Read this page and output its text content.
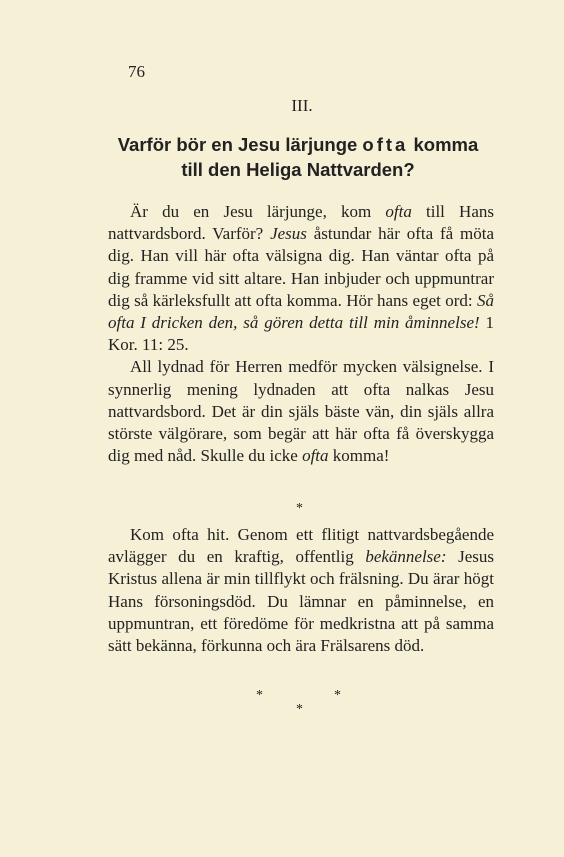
76
III.
Varför bör en Jesu lärjunge ofta komma
till den Heliga Nattvarden?

Är du en Jesu lärjunge, kom ofta till Hans nattvardsbord. Varför? Jesus åstundar här ofta få möta dig. Han vill här ofta välsigna dig. Han väntar ofta på dig framme vid sitt altare. Han inbjuder och uppmuntrar dig så kärleksfullt att ofta komma. Hör hans eget ord: Så ofta I dricken den, så gören detta till min åminnelse! 1 Kor. 11: 25.

All lydnad för Herren medför mycken välsignelse. I synnerlig mening lydnaden att ofta nalkas Jesu nattvardsbord. Det är din själs bäste vän, din själs allra störste välgörare, som begär att här ofta få överskygga dig med nåd. Skulle du icke ofta komma!

*

Kom ofta hit. Genom ett flitigt nattvardsbegående avlägger du en kraftig, offentlig bekännelse: Jesus Kristus allena är min tillflykt och frälsning. Du ärar högt Hans försoningsdöd. Du lämnar en påminnelse, en uppmuntran, ett föredöme för medkristna att på samma sätt bekänna, förkunna och ära Frälsarens död.

*	*
*
